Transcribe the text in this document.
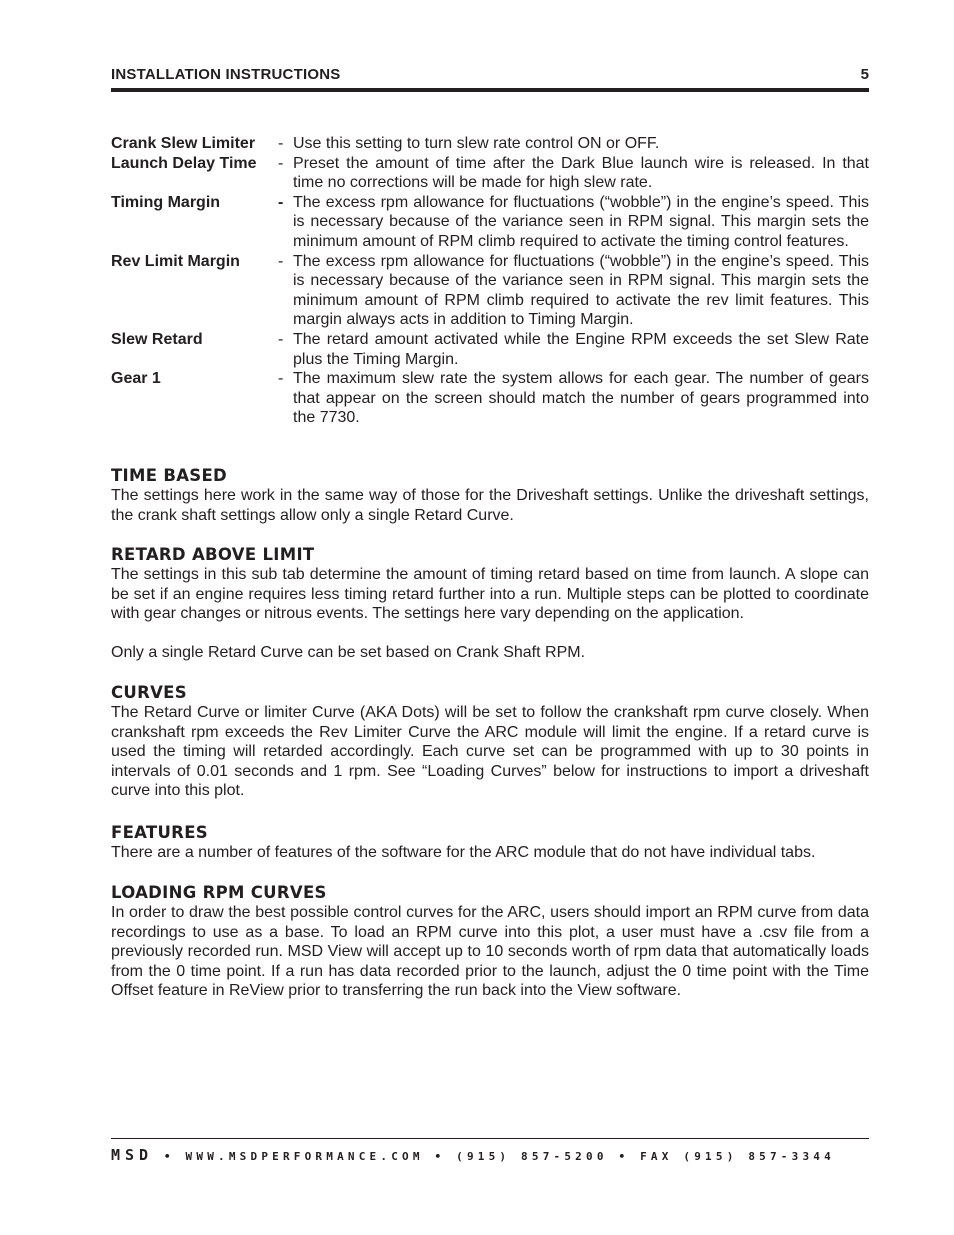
INSTALLATION INSTRUCTIONS	5
Crank Slew Limiter	- Use this setting to turn slew rate control ON or OFF.
Launch Delay Time	- Preset the amount of time after the Dark Blue launch wire is released. In that time no corrections will be made for high slew rate.
Timing Margin	- The excess rpm allowance for fluctuations (“wobble”) in the engine’s speed. This is necessary because of the variance seen in RPM signal. This margin sets the minimum amount of RPM climb required to activate the timing control features.
Rev Limit Margin	- The excess rpm allowance for fluctuations (“wobble”) in the engine’s speed. This is necessary because of the variance seen in RPM signal. This margin sets the minimum amount of RPM climb required to activate the rev limit features. This margin always acts in addition to Timing Margin.
Slew Retard	- The retard amount activated while the Engine RPM exceeds the set Slew Rate plus the Timing Margin.
Gear 1	- The maximum slew rate the system allows for each gear. The number of gears that appear on the screen should match the number of gears programmed into the 7730.
TIME BASED

The settings here work in the same way of those for the Driveshaft settings. Unlike the driveshaft settings, the crank shaft settings allow only a single Retard Curve.

RETARD ABOVE LIMIT

The settings in this sub tab determine the amount of timing retard based on time from launch. A slope can be set if an engine requires less timing retard further into a run. Multiple steps can be plotted to coordinate with gear changes or nitrous events. The settings here vary depending on the application.

Only a single Retard Curve can be set based on Crank Shaft RPM.

CURVES

The Retard Curve or limiter Curve (AKA Dots) will be set to follow the crankshaft rpm curve closely. When crankshaft rpm exceeds the Rev Limiter Curve the ARC module will limit the engine. If a retard curve is used the timing will retarded accordingly. Each curve set can be programmed with up to 30 points in intervals of 0.01 seconds and 1 rpm. See “Loading Curves” below for instructions to import a driveshaft curve into this plot.

FEATURES

There are a number of features of the software for the ARC module that do not have individual tabs.

LOADING RPM CURVES

In order to draw the best possible control curves for the ARC, users should import an RPM curve from data recordings to use as a base. To load an RPM curve into this plot, a user must have a .csv file from a previously recorded run. MSD View will accept up to 10 seconds worth of rpm data that automatically loads from the 0 time point. If a run has data recorded prior to the launch, adjust the 0 time point with the Time Offset feature in ReView prior to transferring the run back into the View software.

MSD • WWW.MSDPERFORMANCE.COM • (915) 857-5200 • FAX (915) 857-3344
